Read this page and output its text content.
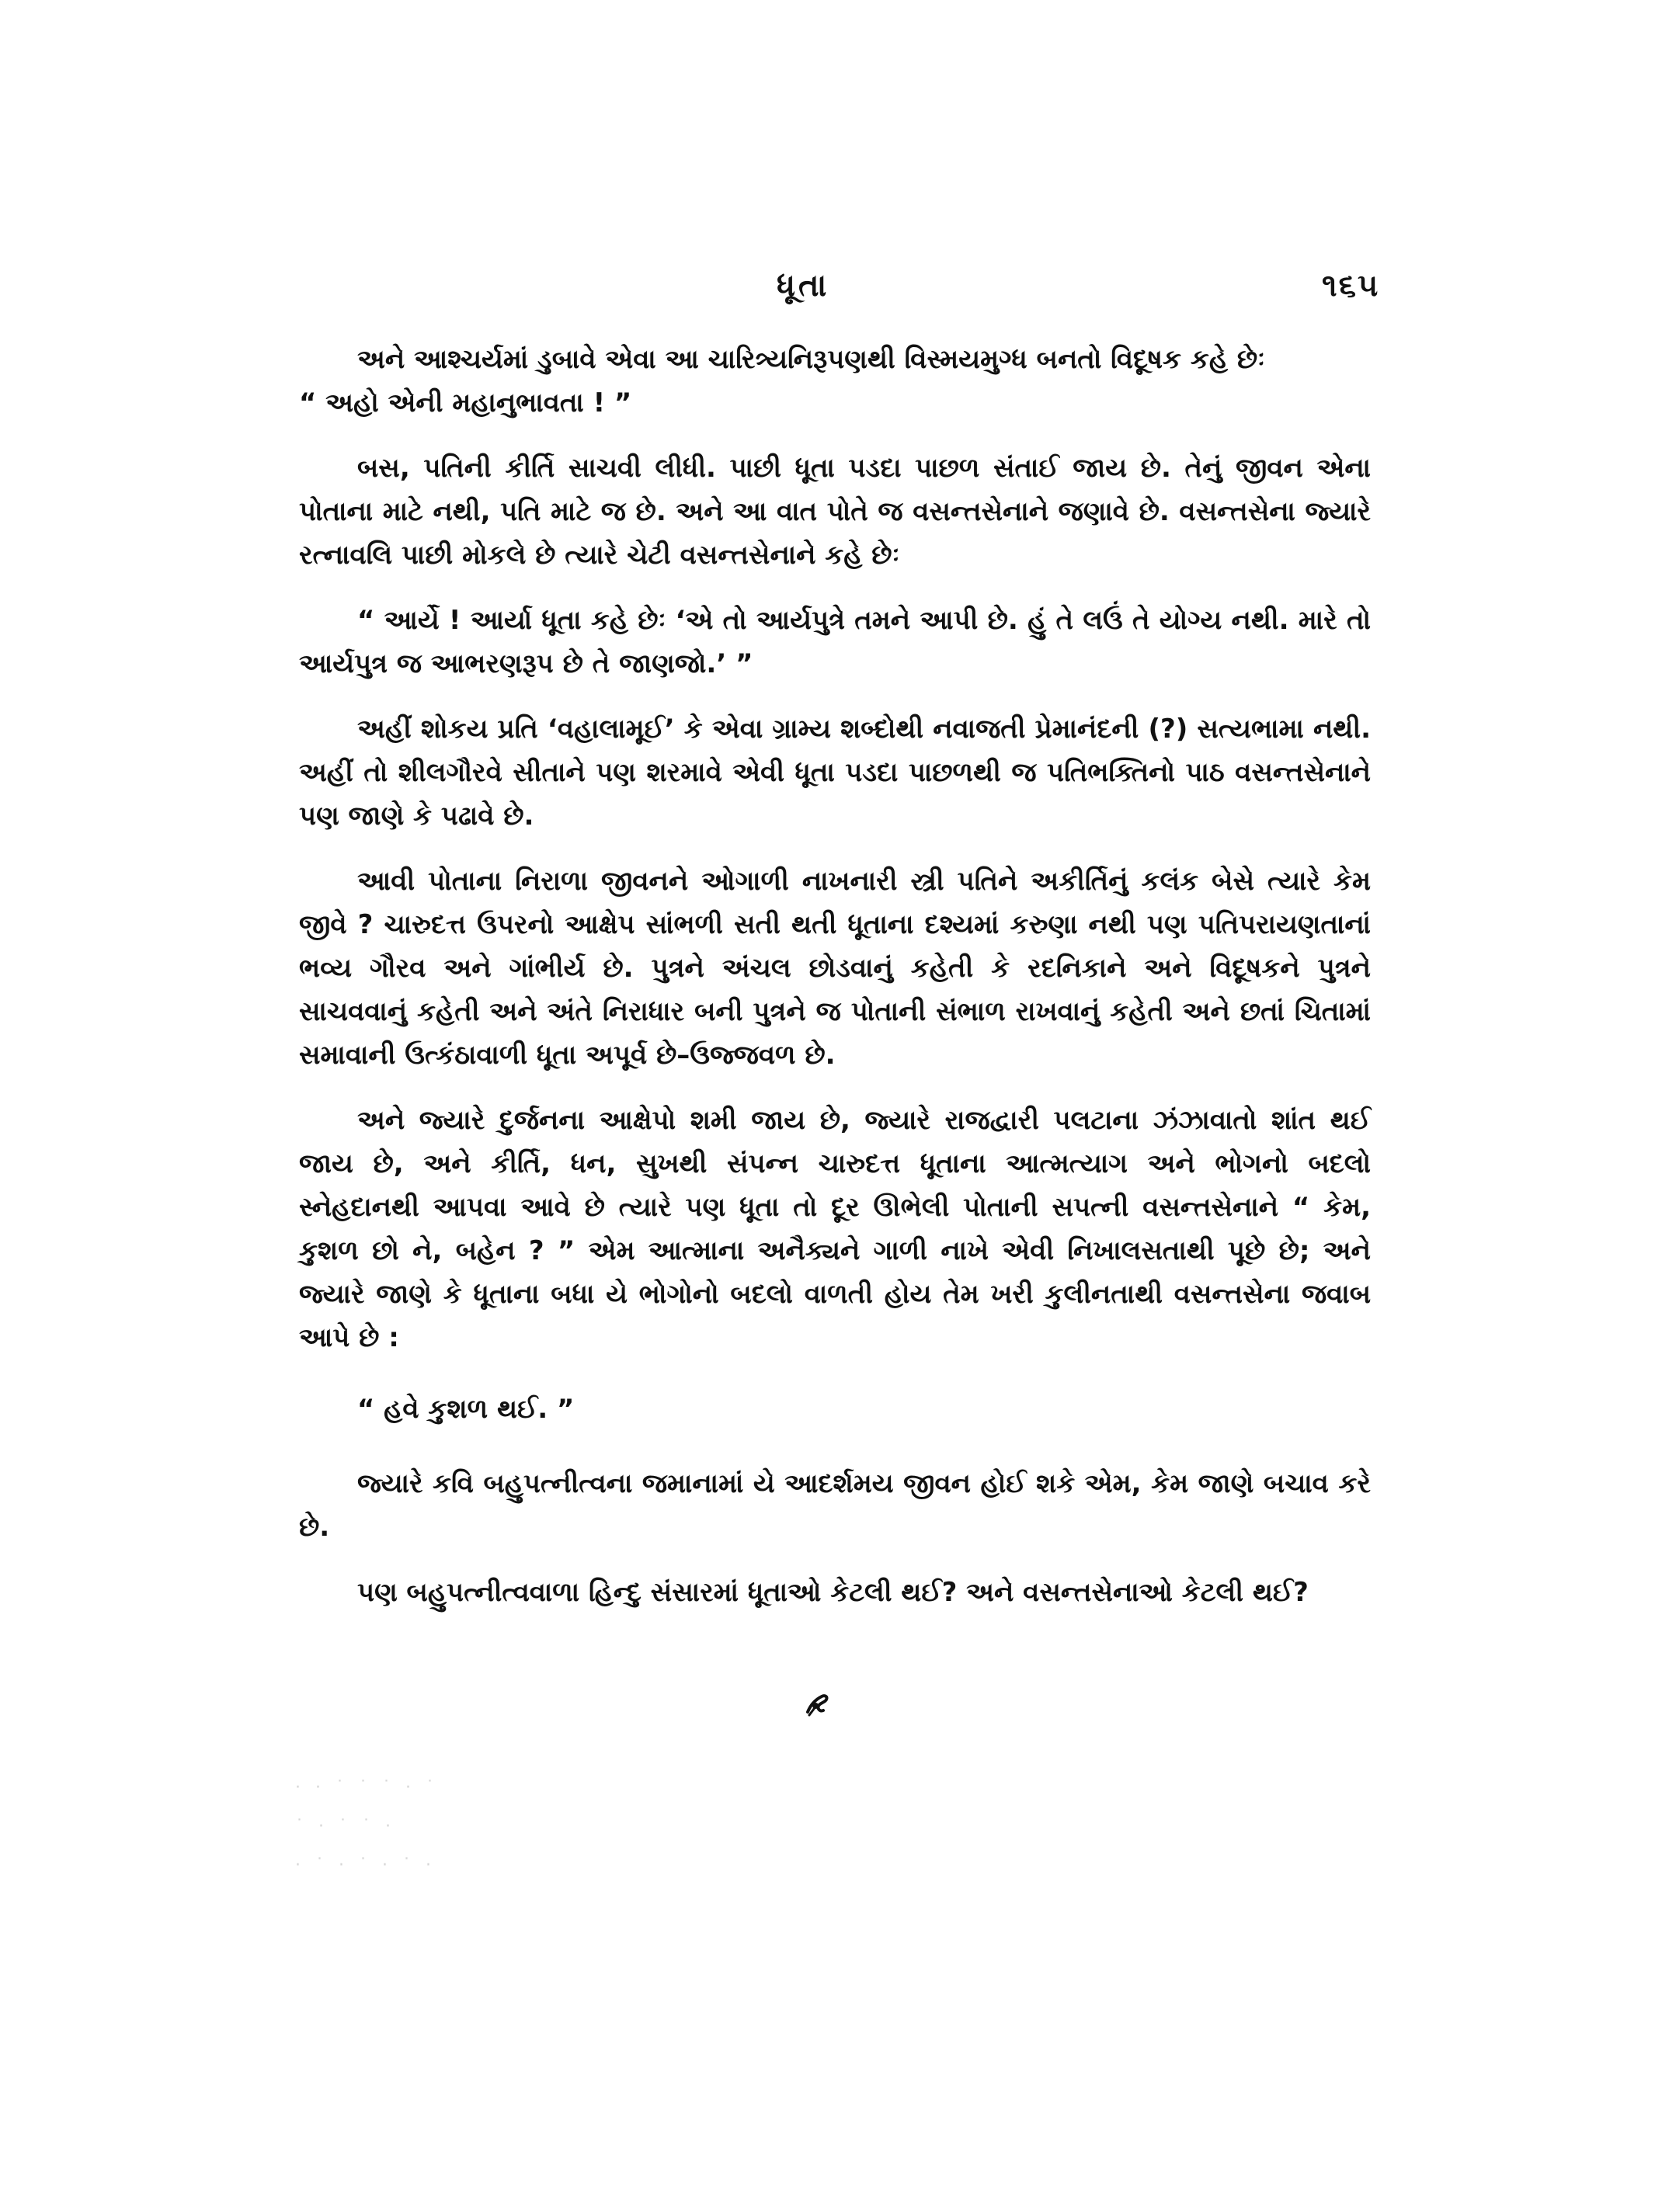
ધૂતા	૧૬૫

અને આશ્ચર્યમાં ડુબાવે એવા આ ચારિત્ર્યનિરૂપણથી વિસ્મયમુગ્ધ બનતો વિદૂષક કહે છેઃ

“ અહો એની મહાનુભાવતા ! ”

બસ, પતિની કીર્તિ સાચવી લીધી. પાછી ધૂતા પડદા પાછળ સંતાઈ જાય છે. તેનું જીવન એના પોતાના માટે નથી, પતિ માટે જ છે. અને આ વાત પોતે જ વસન્તસેનાને જણાવે છે. વસન્તસેના જ્યારે રત્નાવલિ પાછી મોકલે છે ત્યારે ચેટી વસન્તસેનાને કહે છેઃ

“ આર્યે ! આર્યા ધૂતા કહે છેઃ ‘એ તો આર્યપુત્રે તમને આપી છે. હું તે લઉં તે યોગ્ય નથી. મારે તો આર્યપુત્ર જ આભરણરૂપ છે તે જાણજો.’ ”

અહીં શોકય પ્રતિ ‘વહાલામૂઈ’ કે એવા ગ્રામ્ય શબ્દોથી નવાજતી પ્રેમાનંદની (?) સત્યભામા નથી. અહીં તો શીલગૌરવે સીતાને પણ શરમાવે એવી ધૂતા પડદા પાછળથી જ પતિભક્તિનો પાઠ વસન્તસેનાને પણ જાણે કે પઢાવે છે.

આવી પોતાના નિરાળા જીવનને ઓગાળી નાખનારી સ્ત્રી પતિને અકીર્તિનું કલંક બેસે ત્યારે કેમ જીવે ? ચારુદત્ત ઉપરનો આક્ષેપ સાંભળી સતી થતી ધૂતાના દશ્યમાં કરુણા નથી પણ પતિપરાયણતાનાં ભવ્ય ગૌરવ અને ગાંભીર્ય છે. પુત્રને અંચલ છોડવાનું કહેતી કે રદનિકાને અને વિદૂષકને પુત્રને સાચવવાનું કહેતી અને અંતે નિરાધાર બની પુત્રને જ પોતાની સંભાળ રાખવાનું કહેતી અને છતાં ચિતામાં સમાવાની ઉત્કંઠાવાળી ધૂતા અપૂર્વ છે–ઉજ્જવળ છે.

અને જ્યારે દુર્જનના આક્ષેપો શમી જાય છે, જ્યારે રાજદ્વારી પલટાના ઝંઝાવાતો શાંત થઈ જાય છે, અને કીર્તિ, ધન, સુખથી સંપન્ન ચારુદત્ત ધૂતાના આત્મત્યાગ અને ભોગનો બદલો સ્નેહદાનથી આપવા આવે છે ત્યારે પણ ધૂતા તો દૂર ઊભેલી પોતાની સપત્ની વસન્તસેનાને “ કેમ, કુશળ છો ને, બહેન ? ” એમ આત્માના અનૈક્યને ગાળી નાખે એવી નિખાલસતાથી પૂછે છે; અને જ્યારે જાણે કે ધૂતાના બધા યે ભોગોનો બદલો વાળતી હોય તેમ ખરી કુલીનતાથી વસન્તસેના જવાબ આપે છે :

“ હવે કુશળ થઈ. ”

જ્યારે કવિ બહુપત્નીત્વના જમાનામાં યે આદર્શમય જીવન હોઈ શકે એમ, કેમ જાણે બચાવ કરે છે.

પણ બહુપત્નીત્વવાળા હિન્દુ સંસારમાં ધૂતાઓ કેટલી થઈ? અને વસન્તસેનાઓ કેટલી થઈ?

· · ˙ ˙ ˙ · ˙
˙ · ˙ ˙ ·
· ˙ · ˙ · ˙ ·
